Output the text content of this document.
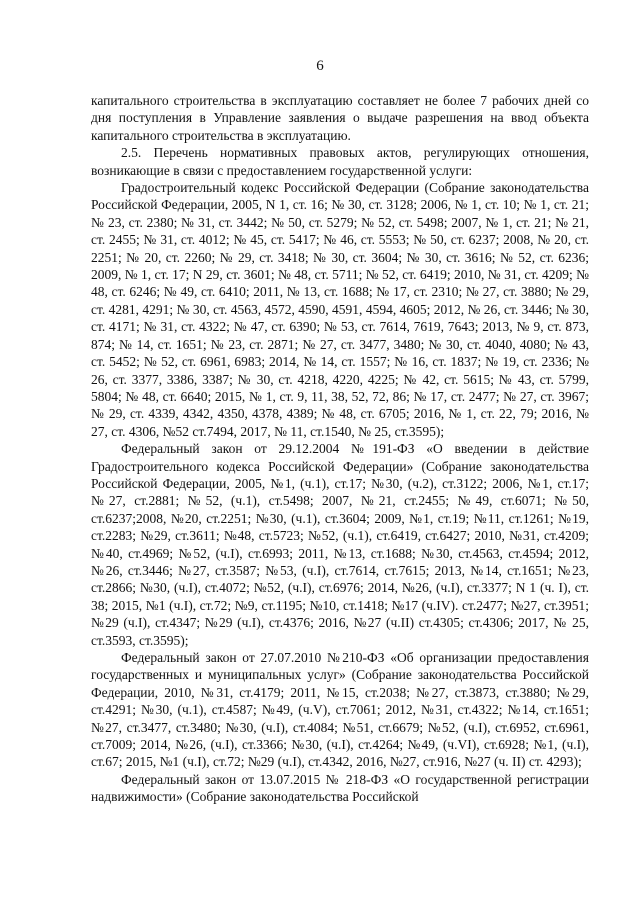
6

капитального строительства в эксплуатацию составляет не более 7 рабочих дней со дня поступления в Управление заявления о выдаче разрешения на ввод объекта капитального строительства в эксплуатацию.

2.5. Перечень нормативных правовых актов, регулирующих отношения, возникающие в связи с предоставлением государственной услуги:

Градостроительный кодекс Российской Федерации (Собрание законодательства Российской Федерации, 2005, N 1, ст. 16; № 30, ст. 3128; 2006, № 1, ст. 10; № 1, ст. 21; № 23, ст. 2380; № 31, ст. 3442; № 50, ст. 5279; № 52, ст. 5498; 2007, № 1, ст. 21; № 21, ст. 2455; № 31, ст. 4012; № 45, ст. 5417; № 46, ст. 5553; № 50, ст. 6237; 2008, № 20, ст. 2251; № 20, ст. 2260; № 29, ст. 3418; № 30, ст. 3604; № 30, ст. 3616; № 52, ст. 6236; 2009, № 1, ст. 17; N 29, ст. 3601; № 48, ст. 5711; № 52, ст. 6419; 2010, № 31, ст. 4209; № 48, ст. 6246; № 49, ст. 6410; 2011, № 13, ст. 1688; № 17, ст. 2310; № 27, ст. 3880; № 29, ст. 4281, 4291; № 30, ст. 4563, 4572, 4590, 4591, 4594, 4605; 2012, № 26, ст. 3446; № 30, ст. 4171; № 31, ст. 4322; № 47, ст. 6390; № 53, ст. 7614, 7619, 7643; 2013, № 9, ст. 873, 874; № 14, ст. 1651; № 23, ст. 2871; № 27, ст. 3477, 3480; № 30, ст. 4040, 4080; № 43, ст. 5452; № 52, ст. 6961, 6983; 2014, № 14, ст. 1557; № 16, ст. 1837; № 19, ст. 2336; № 26, ст. 3377, 3386, 3387; № 30, ст. 4218, 4220, 4225; № 42, ст. 5615; № 43, ст. 5799, 5804; № 48, ст. 6640; 2015, № 1, ст. 9, 11, 38, 52, 72, 86; № 17, ст. 2477; № 27, ст. 3967; № 29, ст. 4339, 4342, 4350, 4378, 4389; № 48, ст. 6705; 2016, № 1, ст. 22, 79; 2016, № 27, ст. 4306, №52 ст.7494, 2017, № 11, ст.1540, № 25, ст.3595);

Федеральный закон от 29.12.2004 №191-ФЗ «О введении в действие Градостроительного кодекса Российской Федерации» (Собрание законодательства Российской Федерации, 2005, №1, (ч.1), ст.17; №30, (ч.2), ст.3122; 2006, №1, ст.17; №27, ст.2881; №52, (ч.1), ст.5498; 2007, №21, ст.2455; №49, ст.6071; №50, ст.6237;2008, №20, ст.2251; №30, (ч.1), ст.3604; 2009, №1, ст.19; №11, ст.1261; №19, ст.2283; №29, ст.3611; №48, ст.5723; №52, (ч.1), ст.6419, ст.6427; 2010, №31, ст.4209; №40, ст.4969; №52, (ч.I), ст.6993; 2011, №13, ст.1688; №30, ст.4563, ст.4594; 2012, №26, ст.3446; №27, ст.3587; №53, (ч.I), ст.7614, ст.7615; 2013, №14, ст.1651; №23, ст.2866; №30, (ч.I), ст.4072; №52, (ч.I), ст.6976; 2014, №26, (ч.I), ст.3377; N 1 (ч. I), ст. 38; 2015, №1 (ч.I), ст.72; №9, ст.1195; №10, ст.1418; №17 (ч.IV). ст.2477; №27, ст.3951; №29 (ч.I), ст.4347; №29 (ч.I), ст.4376; 2016, №27 (ч.II) ст.4305; ст.4306; 2017, № 25, ст.3593, ст.3595);

Федеральный закон от 27.07.2010 №210-ФЗ «Об организации предоставления государственных и муниципальных услуг» (Собрание законодательства Российской Федерации, 2010, №31, ст.4179; 2011, №15, ст.2038; №27, ст.3873, ст.3880; №29, ст.4291; №30, (ч.1), ст.4587; №49, (ч.V), ст.7061; 2012, №31, ст.4322; №14, ст.1651; №27, ст.3477, ст.3480; №30, (ч.I), ст.4084; №51, ст.6679; №52, (ч.I), ст.6952, ст.6961, ст.7009; 2014, №26, (ч.I), ст.3366; №30, (ч.I), ст.4264; №49, (ч.VI), ст.6928; №1, (ч.I), ст.67; 2015, №1 (ч.I), ст.72; №29 (ч.I), ст.4342, 2016, №27, ст.916, №27 (ч. II) ст. 4293);

Федеральный закон от 13.07.2015 № 218-ФЗ «О государственной регистрации надвижимости» (Собрание законодательства Российской
